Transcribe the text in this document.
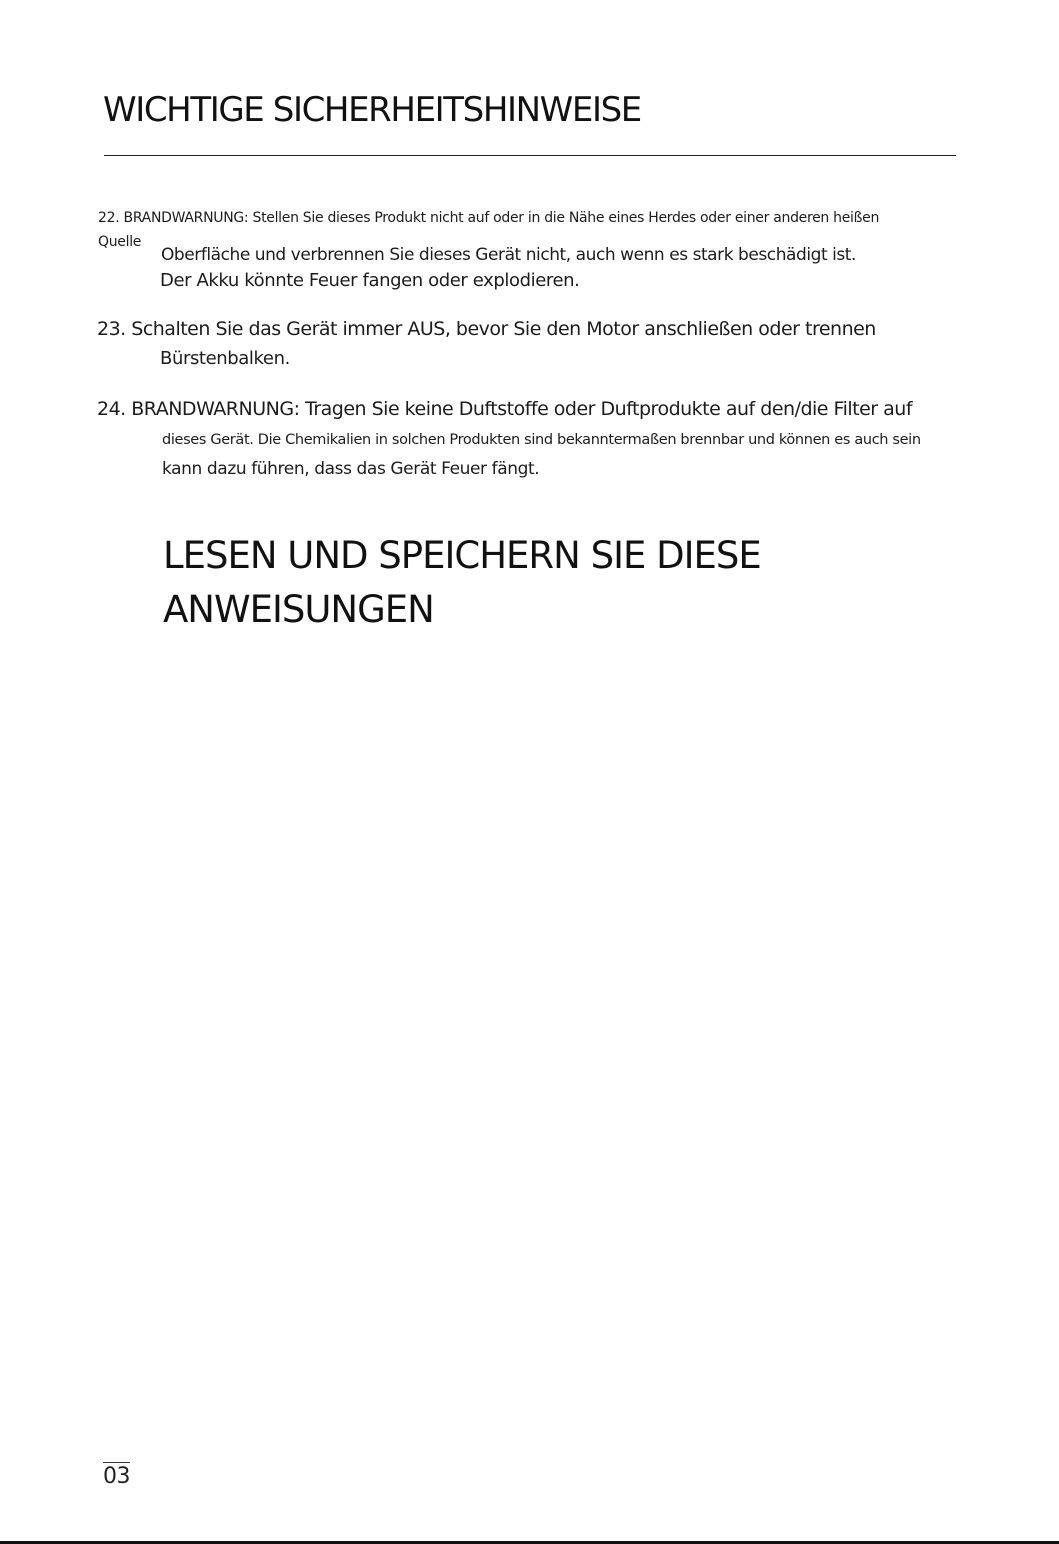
WICHTIGE SICHERHEITSHINWEISE

22. BRANDWARNUNG: Stellen Sie dieses Produkt nicht auf oder in die Nähe eines Herdes oder einer anderen heißen

Quelle

Oberfläche und verbrennen Sie dieses Gerät nicht, auch wenn es stark beschädigt ist.

Der Akku könnte Feuer fangen oder explodieren.

23. Schalten Sie das Gerät immer AUS, bevor Sie den Motor anschließen oder trennen

Bürstenbalken.

24. BRANDWARNUNG: Tragen Sie keine Duftstoffe oder Duftprodukte auf den/die Filter auf

dieses Gerät. Die Chemikalien in solchen Produkten sind bekanntermaßen brennbar und können es auch sein

kann dazu führen, dass das Gerät Feuer fängt.

LESEN UND SPEICHERN SIE DIESE
ANWEISUNGEN
03
